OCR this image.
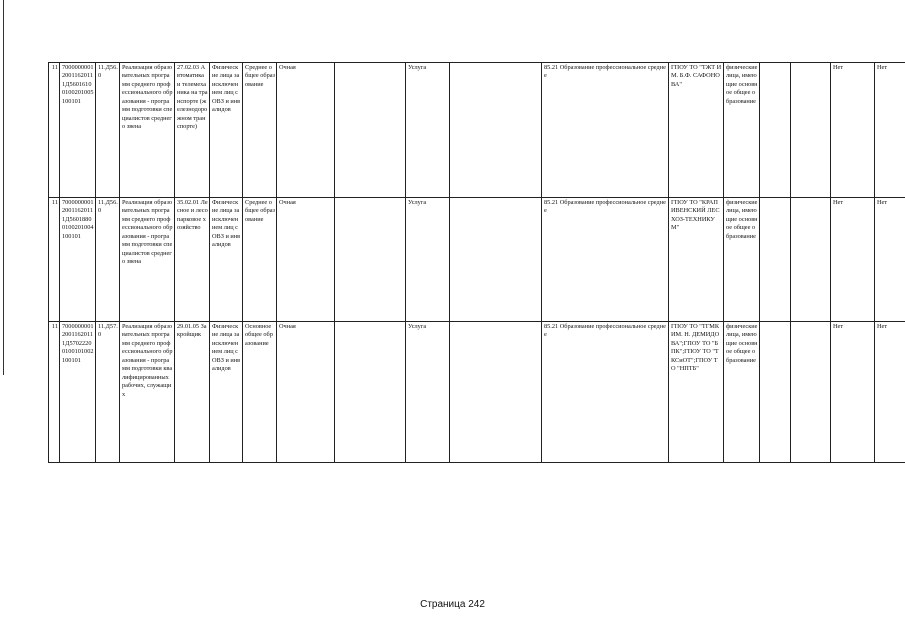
11	700000000120011620111Д56016100100201005100101	11.Д56.0	Реализация образовательных программ среднего профессионального образования - программ подготовки специалистов среднего звена	27.02.03 Автоматика и телемеханика на транспорте (железнодорожном транспорте)	Физические лица за исключением лиц с ОВЗ и инвалидов	Среднее общее образование	Очная		Услуга		85.21 Образование профессиональное среднее	ГПОУ ТО "ТЖТ ИМ. Б.Ф. САФОНОВА"	физические лица, имеющие основное общее образование			Нет	Нет
11	700000000120011620111Д56018800100201004100101	11.Д56.0	Реализация образовательных программ среднего профессионального образования - программ подготовки специалистов среднего звена	35.02.01 Лесное и лесопарковое хозяйство	Физические лица за исключением лиц с ОВЗ и инвалидов	Среднее общее образование	Очная		Услуга		85.21 Образование профессиональное среднее	ГПОУ ТО "КРАПИВЕНСКИЙ ЛЕСХОЗ-ТЕХНИКУМ"	физические лица, имеющие основное общее образование			Нет	Нет
11	700000000120011620111Д57022200100101002100101	11.Д57.0	Реализация образовательных программ среднего профессионального образования - программ подготовки квалифицированных рабочих, служащих	29.01.05 Закройщик	Физические лица за исключением лиц с ОВЗ и инвалидов	Основное общее образование	Очная		Услуга		85.21 Образование профессиональное среднее	ГПОУ ТО "ТГМК ИМ. Н. ДЕМИДОВА";ГПОУ ТО "БПК";ГПОУ ТО "ТКСиОТ";ГПОУ ТО "НПТБ"	физические лица, имеющие основное общее образование			Нет	Нет
Страница 242
